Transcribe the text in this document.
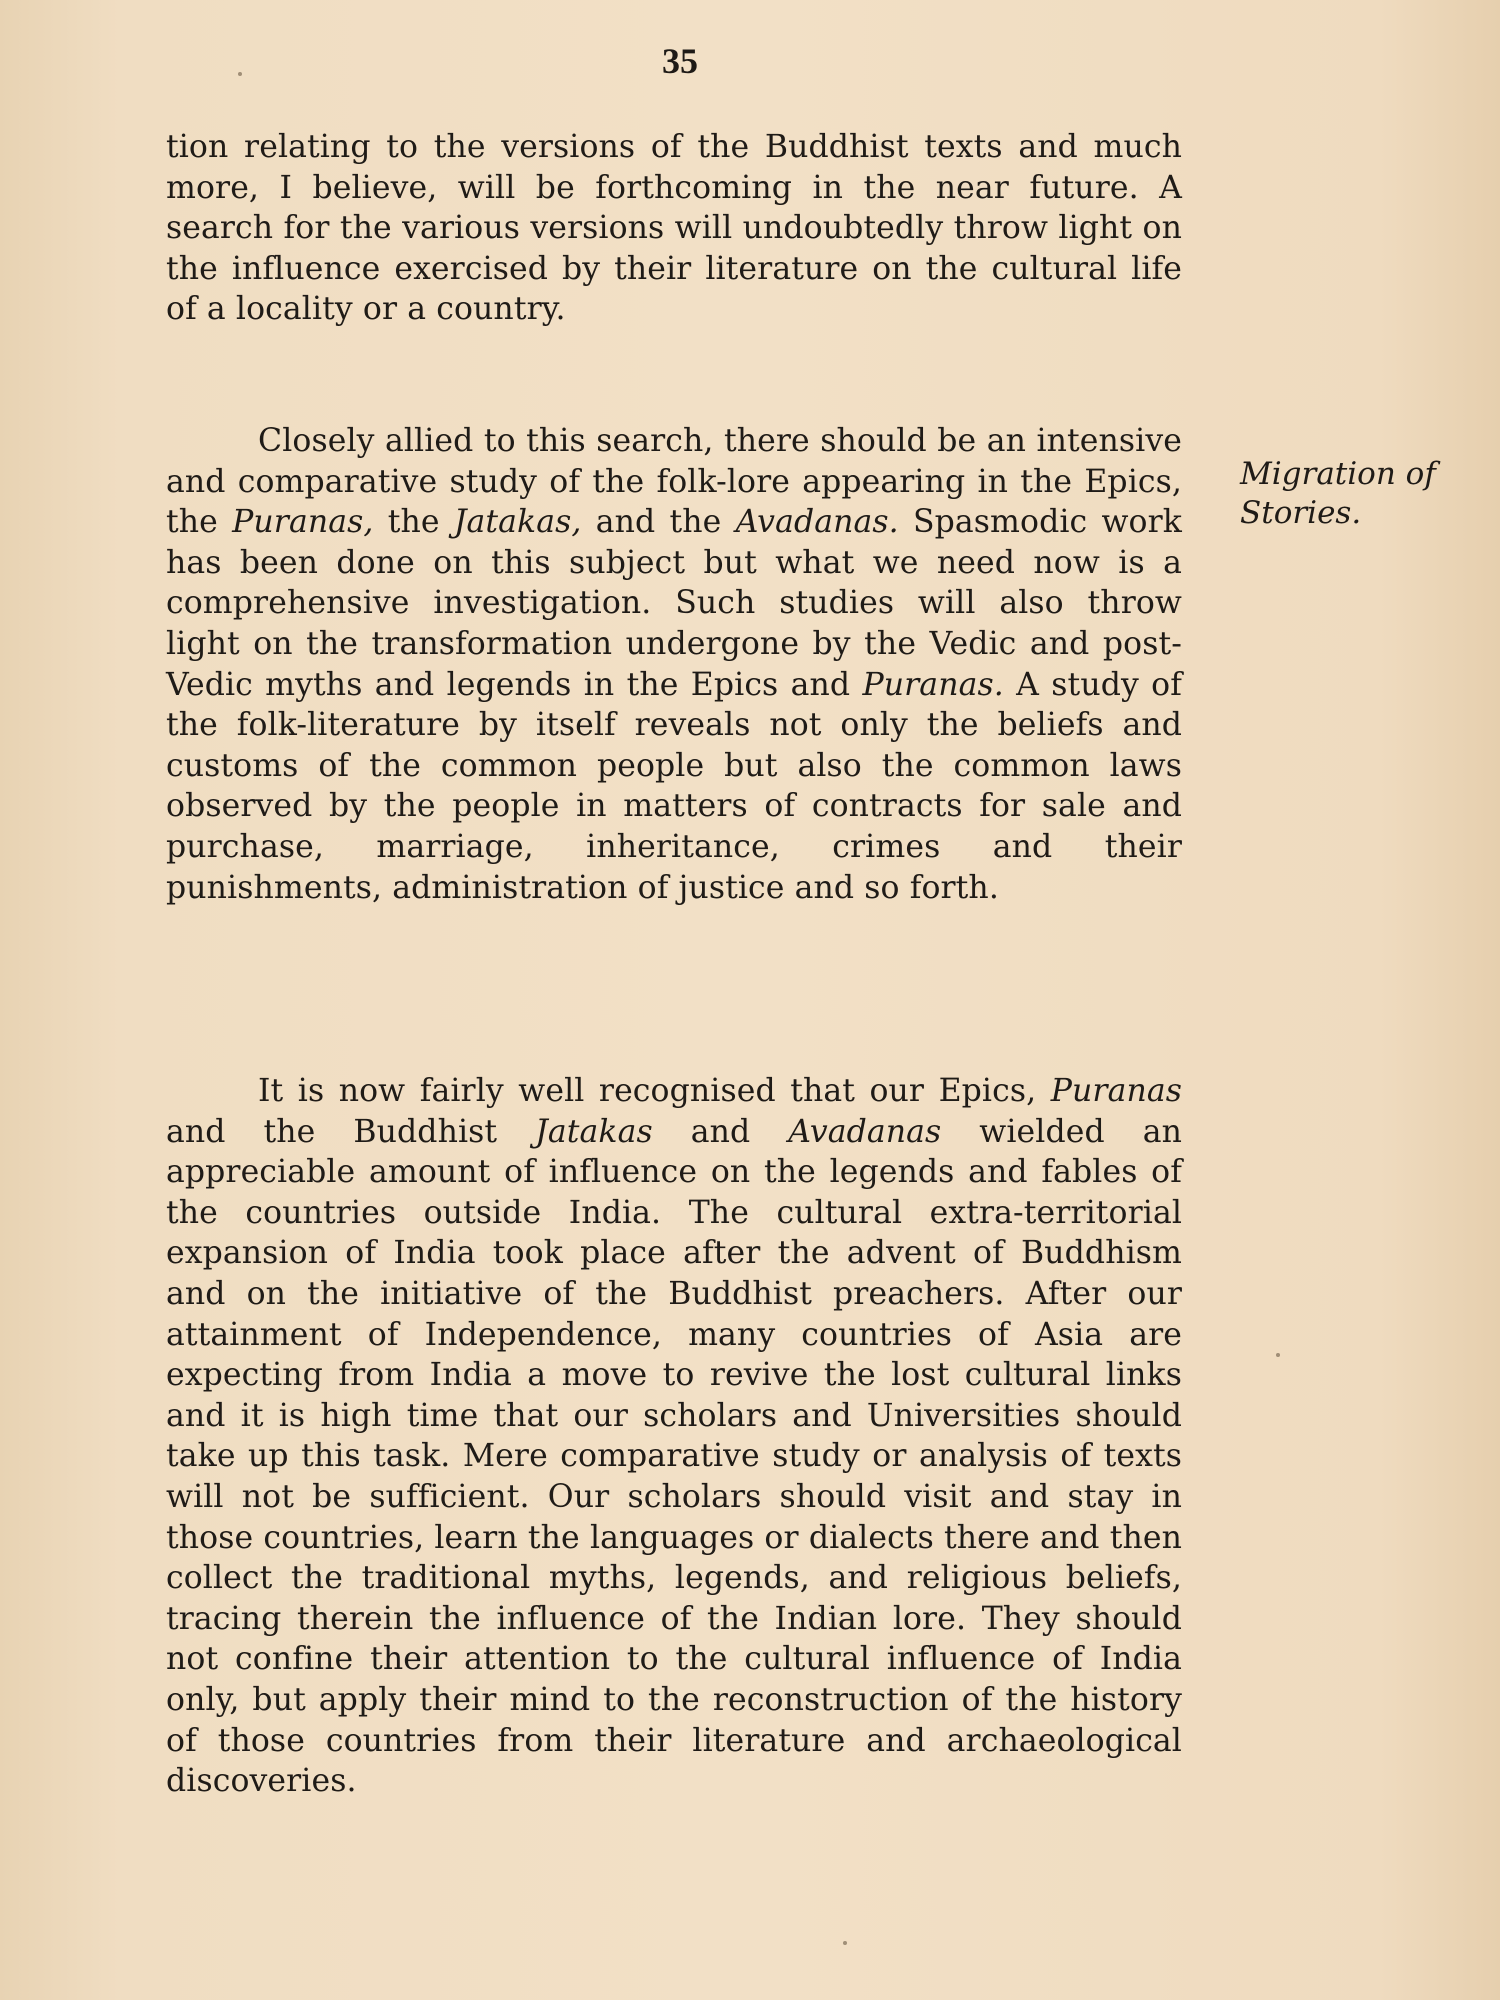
35

tion relating to the versions of the Buddhist texts and much more, I believe, will be forthcoming in the near future. A search for the various versions will undoubtedly throw light on the influence exercised by their literature on the cultural life of a locality or a country.

Closely allied to this search, there should be an intensive and comparative study of the folk-lore appearing in the Epics, the Puranas, the Jatakas, and the Avadanas. Spasmodic work has been done on this subject but what we need now is a comprehensive investigation. Such studies will also throw light on the transformation undergone by the Vedic and post-Vedic myths and legends in the Epics and Puranas. A study of the folk-literature by itself reveals not only the beliefs and customs of the common people but also the common laws observed by the people in matters of contracts for sale and purchase, marriage, inheritance, crimes and their punishments, administration of justice and so forth.

Migration of
Stories.

It is now fairly well recognised that our Epics, Puranas and the Buddhist Jatakas and Avadanas wielded an appreciable amount of influence on the legends and fables of the countries outside India. The cultural extra-territorial expansion of India took place after the advent of Buddhism and on the initiative of the Buddhist preachers. After our attainment of Independence, many countries of Asia are expecting from India a move to revive the lost cultural links and it is high time that our scholars and Universities should take up this task. Mere comparative study or analysis of texts will not be sufficient. Our scholars should visit and stay in those countries, learn the languages or dialects there and then collect the traditional myths, legends, and religious beliefs, tracing therein the influence of the Indian lore. They should not confine their attention to the cultural influence of India only, but apply their mind to the reconstruction of the history of those countries from their literature and archaeological discoveries.
